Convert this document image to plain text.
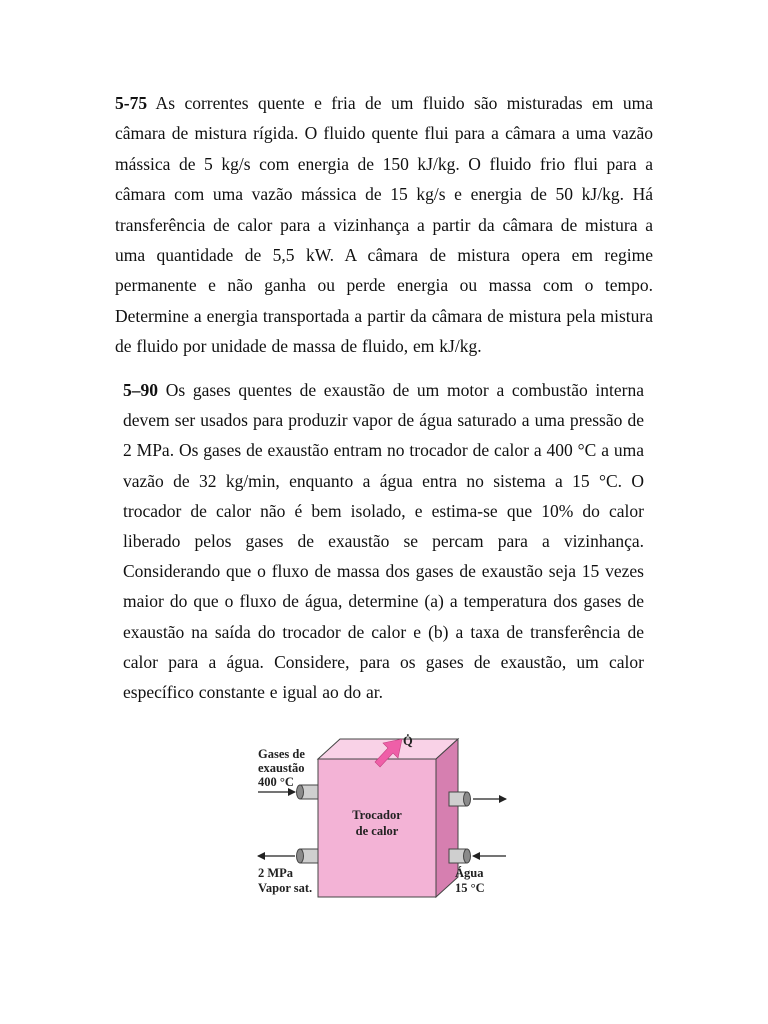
5-75 As correntes quente e fria de um fluido são misturadas em uma câmara de mistura rígida. O fluido quente flui para a câmara a uma vazão mássica de 5 kg/s com energia de 150 kJ/kg. O fluido frio flui para a câmara com uma vazão mássica de 15 kg/s e energia de 50 kJ/kg. Há transferência de calor para a vizinhança a partir da câmara de mistura a uma quantidade de 5,5 kW. A câmara de mistura opera em regime permanente e não ganha ou perde energia ou massa com o tempo. Determine a energia transportada a partir da câmara de mistura pela mistura de fluido por unidade de massa de fluido, em kJ/kg.

5–90 Os gases quentes de exaustão de um motor a combustão interna devem ser usados para produzir vapor de água saturado a uma pressão de 2 MPa. Os gases de exaustão entram no trocador de calor a 400 °C a uma vazão de 32 kg/min, enquanto a água entra no sistema a 15 °C. O trocador de calor não é bem isolado, e estima-se que 10% do calor liberado pelos gases de exaustão se percam para a vizinhança. Considerando que o fluxo de massa dos gases de exaustão seja 15 vezes maior do que o fluxo de água, determine (a) a temperatura dos gases de exaustão na saída do trocador de calor e (b) a taxa de transferência de calor para a água. Considere, para os gases de exaustão, um calor específico constante e igual ao do ar.

Q̇
Trocador
de calor
Gases de
exaustão
400 °C
2 MPa
Vapor sat.
Água
15 °C
